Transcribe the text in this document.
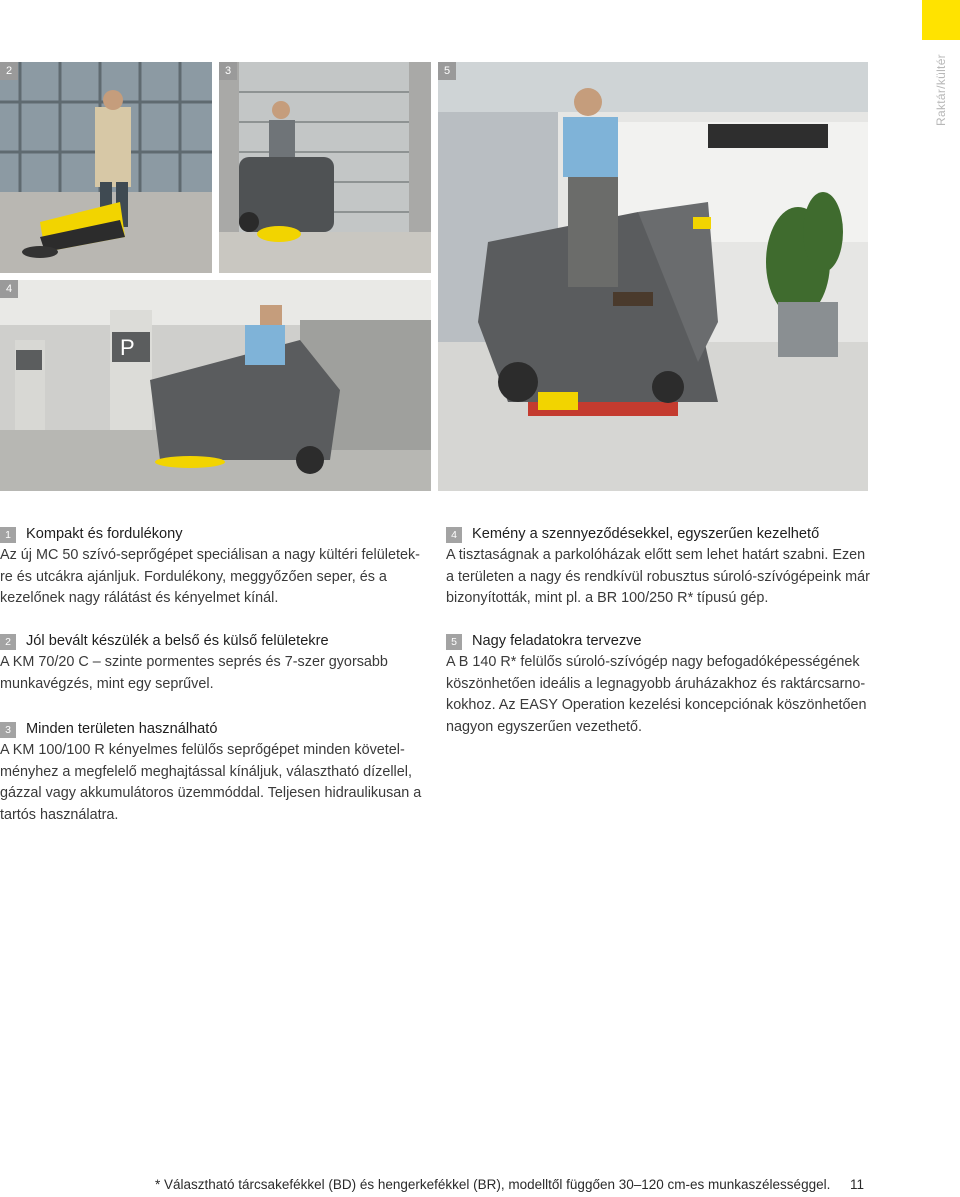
Raktár/kültér
2	3	5
P
4
1	Kompakt és fordulékony

Az új MC 50 szívó-seprőgépet speciálisan a nagy kültéri felületek-

re és utcákra ajánljuk. Fordulékony, meggyőzően seper, és a

kezelőnek nagy rálátást és kényelmet kínál.

2	Jól bevált készülék a belső és külső felületekre

A KM 70/20 C – szinte pormentes seprés és 7-szer gyorsabb

munkavégzés, mint egy seprűvel.

3	Minden területen használható

A KM 100/100 R kényelmes felülős seprőgépet minden követel-

ményhez a megfelelő meghajtással kínáljuk, választható dízellel,

gázzal vagy akkumulátoros üzemmóddal. Teljesen hidraulikusan a

tartós használatra.

4	Kemény a szennyeződésekkel, egyszerűen kezelhető

A tisztaságnak a parkolóházak előtt sem lehet határt szabni. Ezen

a területen a nagy és rendkívül robusztus súroló-szívógépeink már

bizonyították, mint pl. a BR 100/250 R* típusú gép.

5	Nagy feladatokra tervezve

A B 140 R* felülős súroló-szívógép nagy befogadóképességének

köszönhetően ideális a legnagyobb áruházakhoz és raktárcsarno-

kokhoz. Az EASY Operation kezelési koncepciónak köszönhetően

nagyon egyszerűen vezethető.

* Választható tárcsakefékkel (BD) és hengerkefékkel (BR), modelltől függően 30–120 cm-es munkaszélességgel. 11
